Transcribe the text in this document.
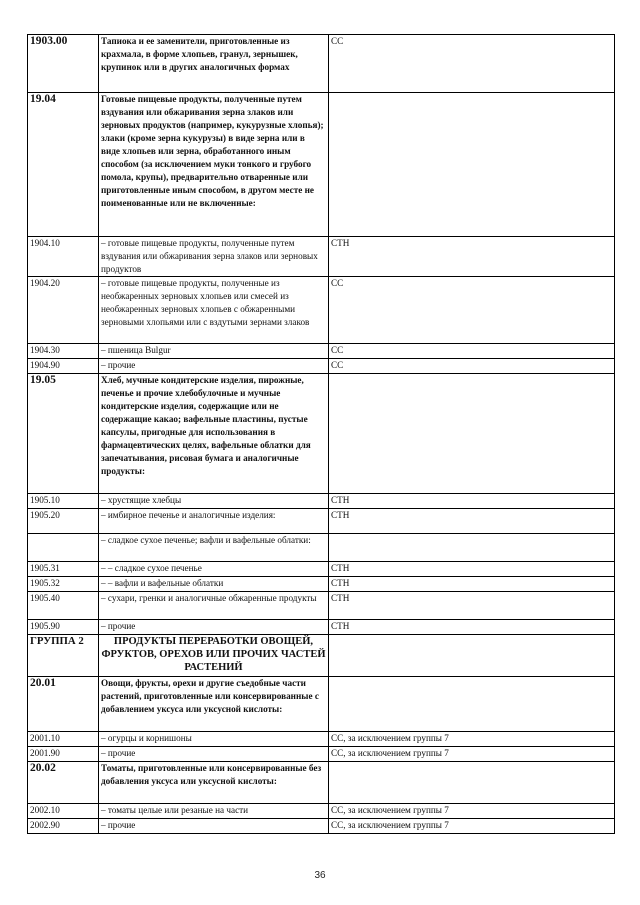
1903.00	Тапиока и ее заменители, приготовленные из крахмала, в форме хлопьев, гранул, зернышек, крупинок или в других аналогичных формах	СС
19.04	Готовые пищевые продукты, полученные путем вздувания или обжаривания зерна злаков или зерновых продуктов (например, кукурузные хлопья); злаки (кроме зерна кукурузы) в виде зерна или в виде хлопьев или зерна, обработанного иным способом (за исключением муки тонкого и грубого помола, крупы), предварительно отваренные или приготовленные иным способом, в другом месте не поименованные или не включенные:	
1904.10	– готовые пищевые продукты, полученные путем вздувания или обжаривания зерна злаков или зерновых продуктов	СТН
1904.20	– готовые пищевые продукты, полученные из необжаренных зерновых хлопьев или смесей из необжаренных зерновых хлопьев с обжаренными зерновыми хлопьями или с вздутыми зернами злаков	СС
1904.30	– пшеница Bulgur	СС
1904.90	– прочие	СС
19.05	Хлеб, мучные кондитерские изделия, пирожные, печенье и прочие хлебобулочные и мучные кондитерские изделия, содержащие или не содержащие какао; вафельные пластины, пустые капсулы, пригодные для использования в фармацевтических целях, вафельные облатки для запечатывания, рисовая бумага и аналогичные продукты:	
1905.10	– хрустящие хлебцы	СТН
1905.20	– имбирное печенье и аналогичные изделия:	СТН
	– сладкое сухое печенье; вафли и вафельные облатки:	
1905.31	– – сладкое сухое печенье	СТН
1905.32	– – вафли и вафельные облатки	СТН
1905.40	– сухари, гренки и аналогичные обжаренные продукты	СТН
1905.90	– прочие	СТН
ГРУППА 2	ПРОДУКТЫ ПЕРЕРАБОТКИ ОВОЩЕЙ, ФРУКТОВ, ОРЕХОВ ИЛИ ПРОЧИХ ЧАСТЕЙ РАСТЕНИЙ	
20.01	Овощи, фрукты, орехи и другие съедобные части растений, приготовленные или консервированные с добавлением уксуса или уксусной кислоты:	
2001.10	– огурцы и корнишоны	СС, за исключением группы 7
2001.90	– прочие	СС, за исключением группы 7
20.02	Томаты, приготовленные или консервированные без добавления уксуса или уксусной кислоты:	
2002.10	– томаты целые или резаные на части	СС, за исключением группы 7
2002.90	– прочие	СС, за исключением группы 7
36
